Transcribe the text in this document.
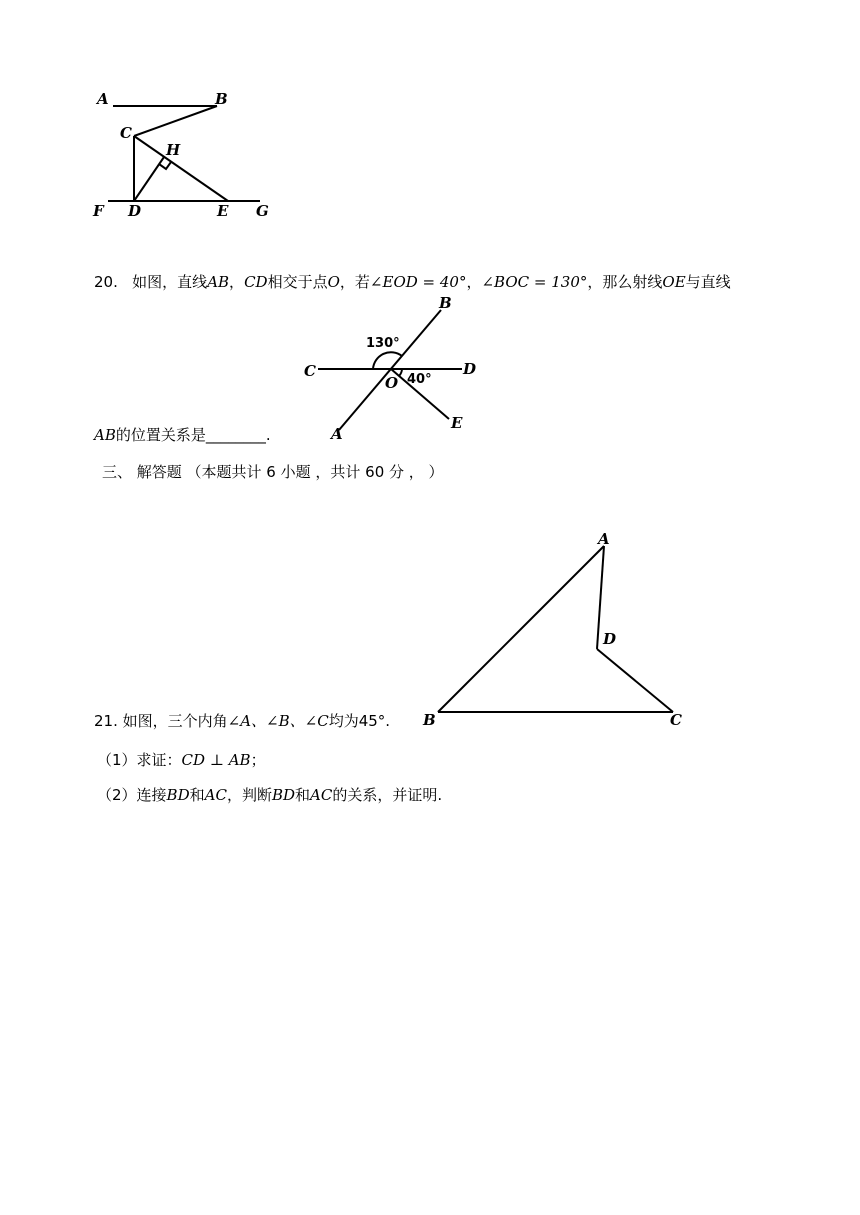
A	B
C
H
F D	E G
20. 如图，直线AB，CD相交于点O，若∠EOD = 40°，∠BOC = 130°，那么射线OE与直线
130°
40°
B
C	D
O
E
A
AB的位置关系是________.
三、 解答题 （本题共计 6 小题 ，共计 60 分 ， ）
A
D
B	C
21. 如图，三个内角∠A、∠B、∠C均为45°.
（1）求证：CD ⊥ AB；
（2）连接BD和AC，判断BD和AC的关系，并证明.
